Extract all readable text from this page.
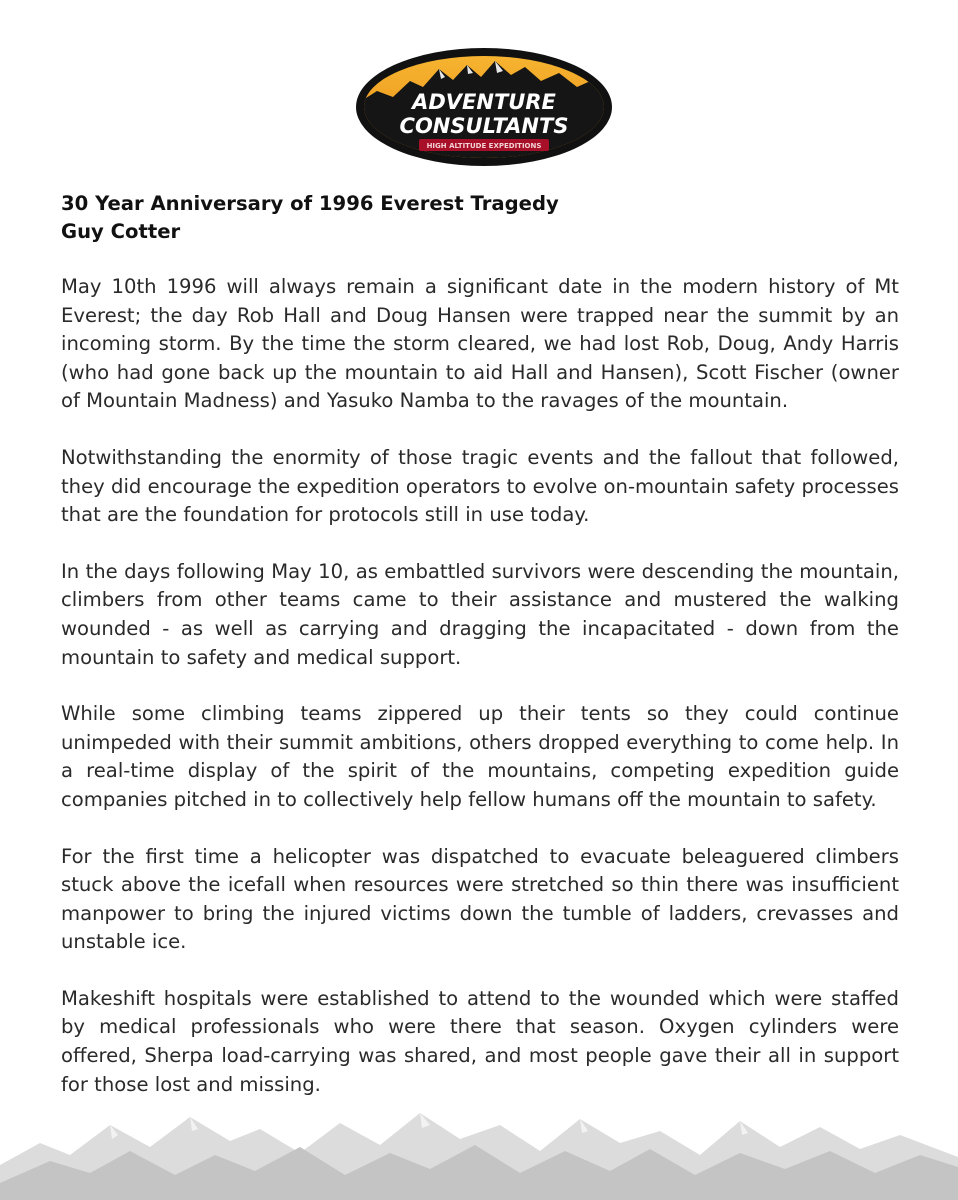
ADVENTURE
CONSULTANTS
HIGH ALTITUDE EXPEDITIONS

30 Year Anniversary of 1996 Everest Tragedy

Guy Cotter

May 10th 1996 will always remain a significant date in the modern history of Mt Everest; the day Rob Hall and Doug Hansen were trapped near the summit by an incoming storm. By the time the storm cleared, we had lost Rob, Doug, Andy Harris (who had gone back up the mountain to aid Hall and Hansen), Scott Fischer (owner of Mountain Madness) and Yasuko Namba to the ravages of the mountain.

Notwithstanding the enormity of those tragic events and the fallout that followed, they did encourage the expedition operators to evolve on-mountain safety processes that are the foundation for protocols still in use today.

In the days following May 10, as embattled survivors were descending the mountain, climbers from other teams came to their assistance and mustered the walking wounded - as well as carrying and dragging the incapacitated - down from the mountain to safety and medical support.

While some climbing teams zippered up their tents so they could continue unimpeded with their summit ambitions, others dropped everything to come help. In a real-time display of the spirit of the mountains, competing expedition guide companies pitched in to collectively help fellow humans off the mountain to safety.

For the first time a helicopter was dispatched to evacuate beleaguered climbers stuck above the icefall when resources were stretched so thin there was insufficient manpower to bring the injured victims down the tumble of ladders, crevasses and unstable ice.

Makeshift hospitals were established to attend to the wounded which were staffed by medical professionals who were there that season. Oxygen cylinders were offered, Sherpa load-carrying was shared, and most people gave their all in support for those lost and missing.
